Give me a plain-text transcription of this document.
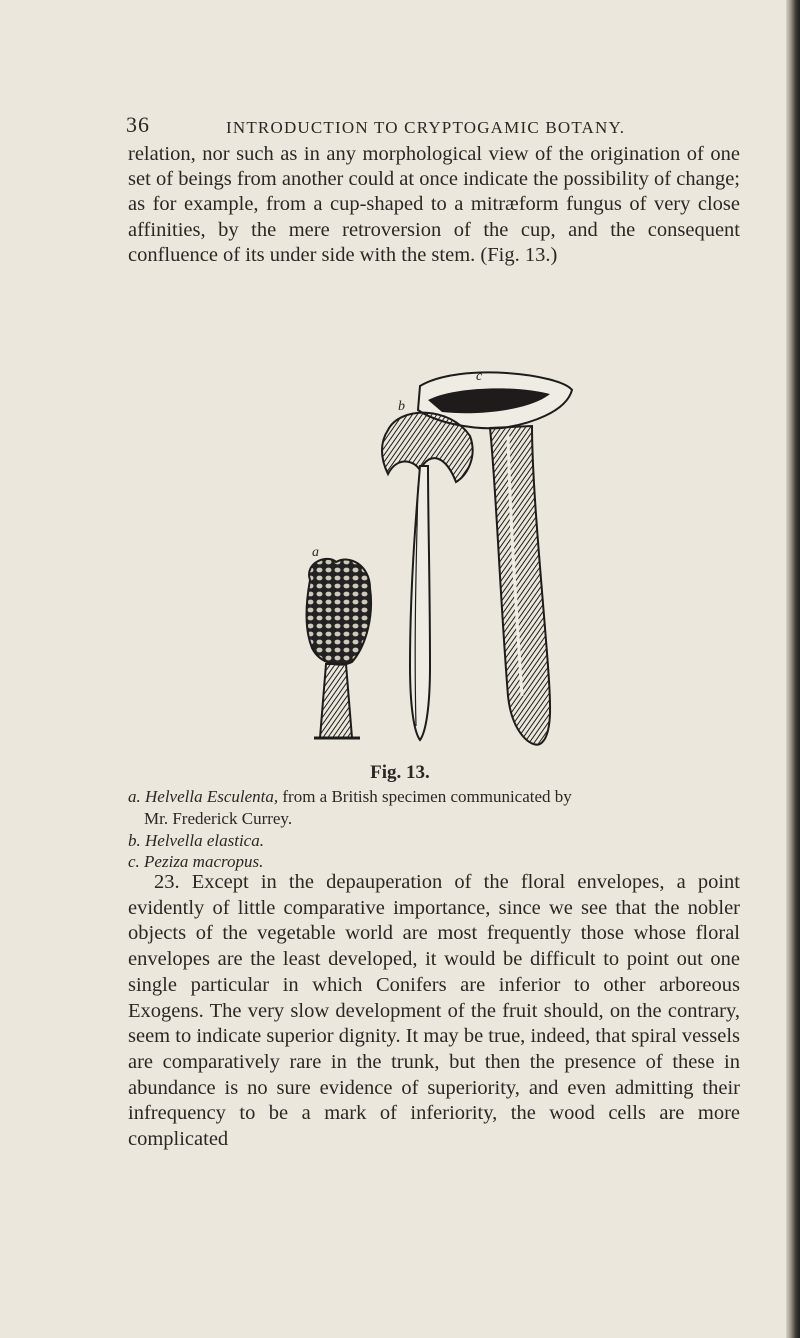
36	INTRODUCTION TO CRYPTOGAMIC BOTANY.

relation, nor such as in any morphological view of the origination of one set of beings from another could at once indicate the possibility of change; as for example, from a cup-shaped to a mitræform fungus of very close affinities, by the mere retroversion of the cup, and the consequent confluence of its under side with the stem. (Fig. 13.)

a
b
c
Fig. 13.

a. Helvella Esculenta, from a British specimen communicated by

Mr. Frederick Currey.

b. Helvella elastica.

c. Peziza macropus.

23. Except in the depauperation of the floral envelopes, a point evidently of little comparative importance, since we see that the nobler objects of the vegetable world are most frequently those whose floral envelopes are the least developed, it would be difficult to point out one single particular in which Conifers are inferior to other arboreous Exogens. The very slow development of the fruit should, on the contrary, seem to indicate superior dignity. It may be true, indeed, that spiral vessels are comparatively rare in the trunk, but then the presence of these in abundance is no sure evidence of superiority, and even admitting their infrequency to be a mark of inferiority, the wood cells are more complicated
